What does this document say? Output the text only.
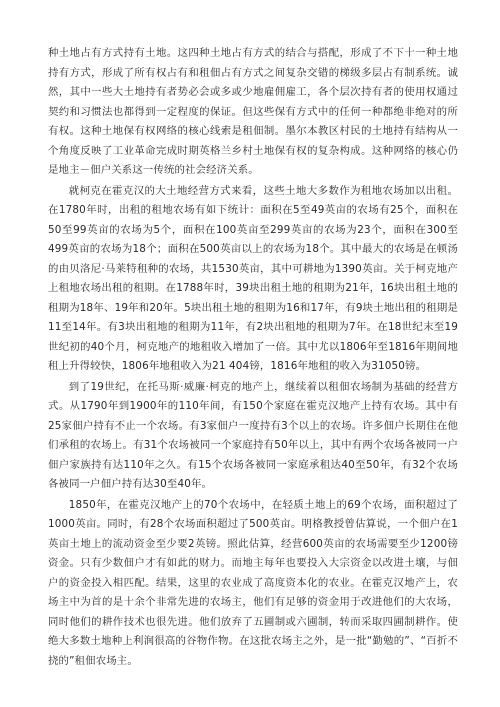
种土地占有方式持有土地。这四种土地占有方式的结合与搭配，形成了不下十一种土地持有方式，形成了所有权占有和租佃占有方式之间复杂交错的梯级多层占有制系统。诚然，其中一些大土地持有者势必会或多或少地雇佣雇工，各个层次持有者的使用权通过契约和习惯法也都得到一定程度的保证。但这些保有方式中的任何一种都绝非绝对的所有权。这种土地保有权网络的核心线索是租佃制。墨尔本教区村民的土地持有结构从一个角度反映了工业革命完成时期英格兰乡村土地保有权的复杂构成。这种网络的核心仍是地主－佃户关系这一传统的社会经济关系。

就柯克在霍克汉的大土地经营方式来看，这些土地大多数作为租地农场加以出租。在1780年时，出租的租地农场有如下统计：面积在5至49英亩的农场有25个，面积在50至99英亩的农场为5个，面积在100英亩至299英亩的农场为23个，面积在300至499英亩的农场为18个；面积在500英亩以上的农场为18个。其中最大的农场是在顿汤的由贝洛尼·马莱特租种的农场，共1530英亩，其中可耕地为1390英亩。关于柯克地产上租地农场出租的租期。在1788年时，39块出租土地的租期为21年，16块出租土地的租期为18年、19年和20年。5块出租土地的租期为16和17年，有9块土地出租的租期是11至14年。有3块出租地的租期为11年，有2块出租地的租期为7年。在18世纪末至19世纪初的40个月，柯克地产的地租收入增加了一倍。其中尤以1806年至1816年期间地租上升得较快，1806年地租收入为21 404镑，1816年地租的收入为31050镑。

到了19世纪，在托马斯·威廉·柯克的地产上，继续着以租佃农场制为基础的经营方式。从1790年到1900年的110年间，有150个家庭在霍克汉地产上持有农场。其中有25家佃户持有不止一个农场。有3家佃户一度持有3个以上的农场。许多佃户长期住在他们承租的农场上。有31个农场被同一个家庭持有50年以上，其中有两个农场各被同一户佃户家族持有达110年之久。有15个农场各被同一家庭承租达40至50年，有32个农场各被同一户佃户持有达30至40年。

1850年，在霍克汉地产上的70个农场中，在轻质土地上的69个农场，面积超过了1000英亩。同时，有28个农场面积超过了500英亩。明格教授曾估算说，一个佃户在1英亩土地上的流动资金至少要2英镑。照此估算，经营600英亩的农场需要至少1200镑资金。只有少数佃户才有如此的财力。而地主每年也要投入大宗资金以改进土壤，与佃户的资金投入相匹配。结果，这里的农业成了高度资本化的农业。在霍克汉地产上，农场主中为首的是十余个非常先进的农场主，他们有足够的资金用于改进他们的大农场，同时他们的耕作技术也很先进。他们放弃了五圃制或六圃制，转而采取四圃制耕作。使绝大多数土地种上利润很高的谷物作物。在这批农场主之外，是一批“勤勉的”、“百折不挠的”租佃农场主。
